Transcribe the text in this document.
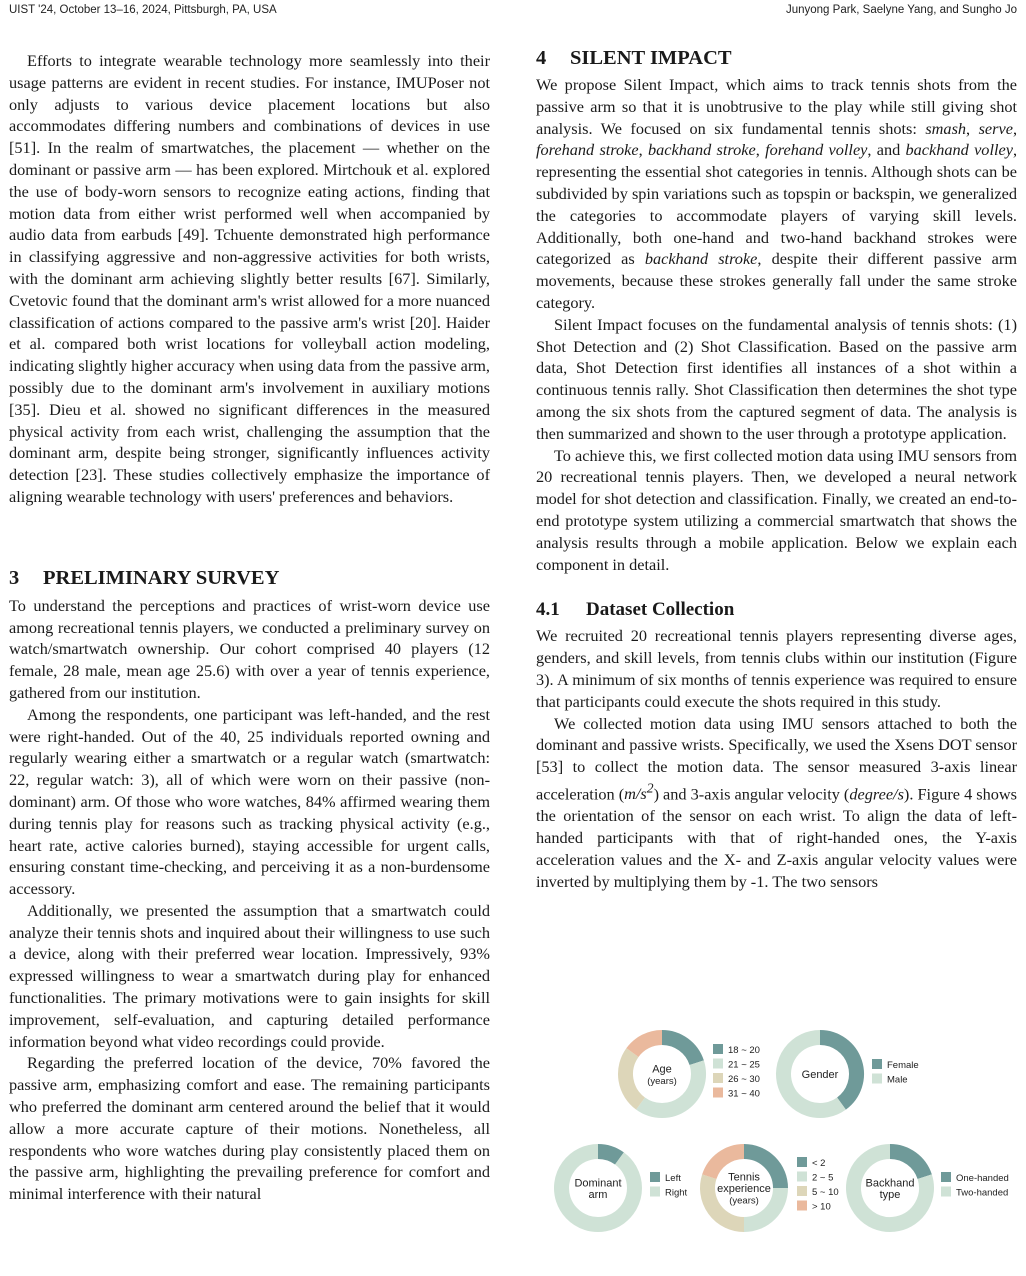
UIST '24, October 13–16, 2024, Pittsburgh, PA, USA	Junyong Park, Saelyne Yang, and Sungho Jo

Efforts to integrate wearable technology more seamlessly into their usage patterns are evident in recent studies. For instance, IMUPoser not only adjusts to various device placement locations but also accommodates differing numbers and combinations of devices in use [51]. In the realm of smartwatches, the placement — whether on the dominant or passive arm — has been explored. Mirtchouk et al. explored the use of body-worn sensors to recognize eating actions, finding that motion data from either wrist performed well when accompanied by audio data from earbuds [49]. Tchuente demonstrated high performance in classifying aggressive and non-aggressive activities for both wrists, with the dominant arm achieving slightly better results [67]. Similarly, Cvetovic found that the dominant arm's wrist allowed for a more nuanced classification of actions compared to the passive arm's wrist [20]. Haider et al. compared both wrist locations for volleyball action modeling, indicating slightly higher accuracy when using data from the passive arm, possibly due to the dominant arm's involvement in auxiliary motions [35]. Dieu et al. showed no significant differences in the measured physical activity from each wrist, challenging the assumption that the dominant arm, despite being stronger, significantly influences activity detection [23]. These studies collectively emphasize the importance of aligning wearable technology with users' preferences and behaviors.

3 PRELIMINARY SURVEY

To understand the perceptions and practices of wrist-worn device use among recreational tennis players, we conducted a preliminary survey on watch/smartwatch ownership. Our cohort comprised 40 players (12 female, 28 male, mean age 25.6) with over a year of tennis experience, gathered from our institution.

Among the respondents, one participant was left-handed, and the rest were right-handed. Out of the 40, 25 individuals reported owning and regularly wearing either a smartwatch or a regular watch (smartwatch: 22, regular watch: 3), all of which were worn on their passive (non-dominant) arm. Of those who wore watches, 84% affirmed wearing them during tennis play for reasons such as tracking physical activity (e.g., heart rate, active calories burned), staying accessible for urgent calls, ensuring constant time-checking, and perceiving it as a non-burdensome accessory.

Additionally, we presented the assumption that a smartwatch could analyze their tennis shots and inquired about their willingness to use such a device, along with their preferred wear location. Impressively, 93% expressed willingness to wear a smartwatch during play for enhanced functionalities. The primary motivations were to gain insights for skill improvement, self-evaluation, and capturing detailed performance information beyond what video recordings could provide.

Regarding the preferred location of the device, 70% favored the passive arm, emphasizing comfort and ease. The remaining participants who preferred the dominant arm centered around the belief that it would allow a more accurate capture of their motions. Nonetheless, all respondents who wore watches during play consistently placed them on the passive arm, highlighting the prevailing preference for comfort and minimal interference with their natural

4 SILENT IMPACT

We propose Silent Impact, which aims to track tennis shots from the passive arm so that it is unobtrusive to the play while still giving shot analysis. We focused on six fundamental tennis shots: smash, serve, forehand stroke, backhand stroke, forehand volley, and backhand volley, representing the essential shot categories in tennis. Although shots can be subdivided by spin variations such as topspin or backspin, we generalized the categories to accommodate players of varying skill levels. Additionally, both one-hand and two-hand backhand strokes were categorized as backhand stroke, despite their different passive arm movements, because these strokes generally fall under the same stroke category.

Silent Impact focuses on the fundamental analysis of tennis shots: (1) Shot Detection and (2) Shot Classification. Based on the passive arm data, Shot Detection first identifies all instances of a shot within a continuous tennis rally. Shot Classification then determines the shot type among the six shots from the captured segment of data. The analysis is then summarized and shown to the user through a prototype application.

To achieve this, we first collected motion data using IMU sensors from 20 recreational tennis players. Then, we developed a neural network model for shot detection and classification. Finally, we created an end-to-end prototype system utilizing a commercial smartwatch that shows the analysis results through a mobile application. Below we explain each component in detail.

4.1 Dataset Collection

We recruited 20 recreational tennis players representing diverse ages, genders, and skill levels, from tennis clubs within our institution (Figure 3). A minimum of six months of tennis experience was required to ensure that participants could execute the shots required in this study.

We collected motion data using IMU sensors attached to both the dominant and passive wrists. Specifically, we used the Xsens DOT sensor [53] to collect the motion data. The sensor measured 3-axis linear acceleration $(m/s^2)$ and 3-axis angular velocity (degree/s). Figure 4 shows the orientation of the sensor on each wrist. To align the data of left-handed participants with that of right-handed ones, the Y-axis acceleration values and the X- and Z-axis angular velocity values were inverted by multiplying them by -1. The two sensors

Age
(years)
18 ~ 20
21 ~ 25
26 ~ 30
31 ~ 40
Gender
Female
Male
Dominant
arm
Left
Right
Tennis
experience
(years)
< 2
2 ~ 5
5 ~ 10
> 10
Backhand
type
One-handed
Two-handed
